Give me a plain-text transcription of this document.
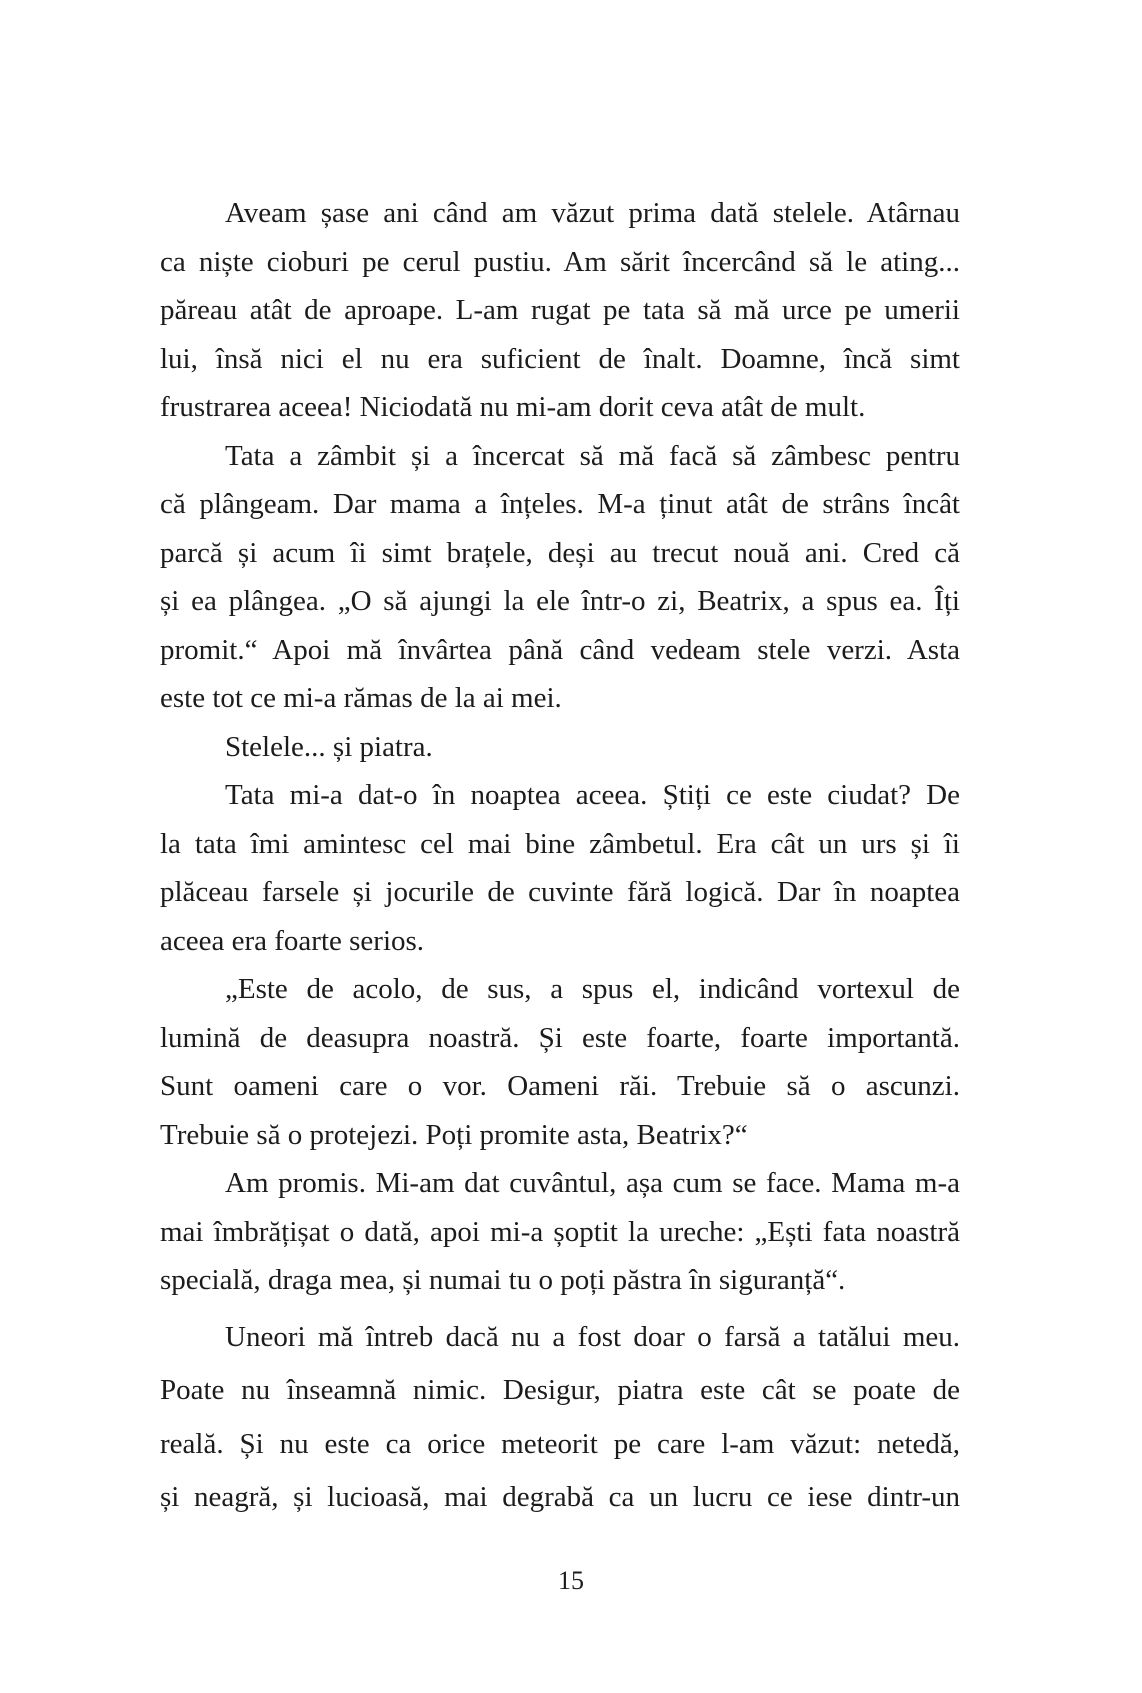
Aveam șase ani când am văzut prima dată stelele. Atârnau
ca niște cioburi pe cerul pustiu. Am sărit încercând să le ating...
păreau atât de aproape. L-am rugat pe tata să mă urce pe umerii
lui, însă nici el nu era suficient de înalt. Doamne, încă simt
frustrarea aceea! Niciodată nu mi-am dorit ceva atât de mult.
Tata a zâmbit și a încercat să mă facă să zâmbesc pentru
că plângeam. Dar mama a înțeles. M-a ținut atât de strâns încât
parcă și acum îi simt brațele, deși au trecut nouă ani. Cred că
și ea plângea. „O să ajungi la ele într-o zi, Beatrix, a spus ea. Îți
promit.“ Apoi mă învârtea până când vedeam stele verzi. Asta
este tot ce mi-a rămas de la ai mei.
Stelele... și piatra.
Tata mi-a dat-o în noaptea aceea. Știți ce este ciudat? De
la tata îmi amintesc cel mai bine zâmbetul. Era cât un urs și îi
plăceau farsele și jocurile de cuvinte fără logică. Dar în noaptea
aceea era foarte serios.
„Este de acolo, de sus, a spus el, indicând vortexul de
lumină de deasupra noastră. Și este foarte, foarte importantă.
Sunt oameni care o vor. Oameni răi. Trebuie să o ascunzi.
Trebuie să o protejezi. Poți promite asta, Beatrix?“
Am promis. Mi-am dat cuvântul, așa cum se face. Mama m-a
mai îmbrățișat o dată, apoi mi-a șoptit la ureche: „Ești fata noastră
specială, draga mea, și numai tu o poți păstra în siguranță“.
Uneori mă întreb dacă nu a fost doar o farsă a tatălui meu.
Poate nu înseamnă nimic. Desigur, piatra este cât se poate de
reală. Și nu este ca orice meteorit pe care l-am văzut: netedă,
și neagră, și lucioasă, mai degrabă ca un lucru ce iese dintr-un
15
